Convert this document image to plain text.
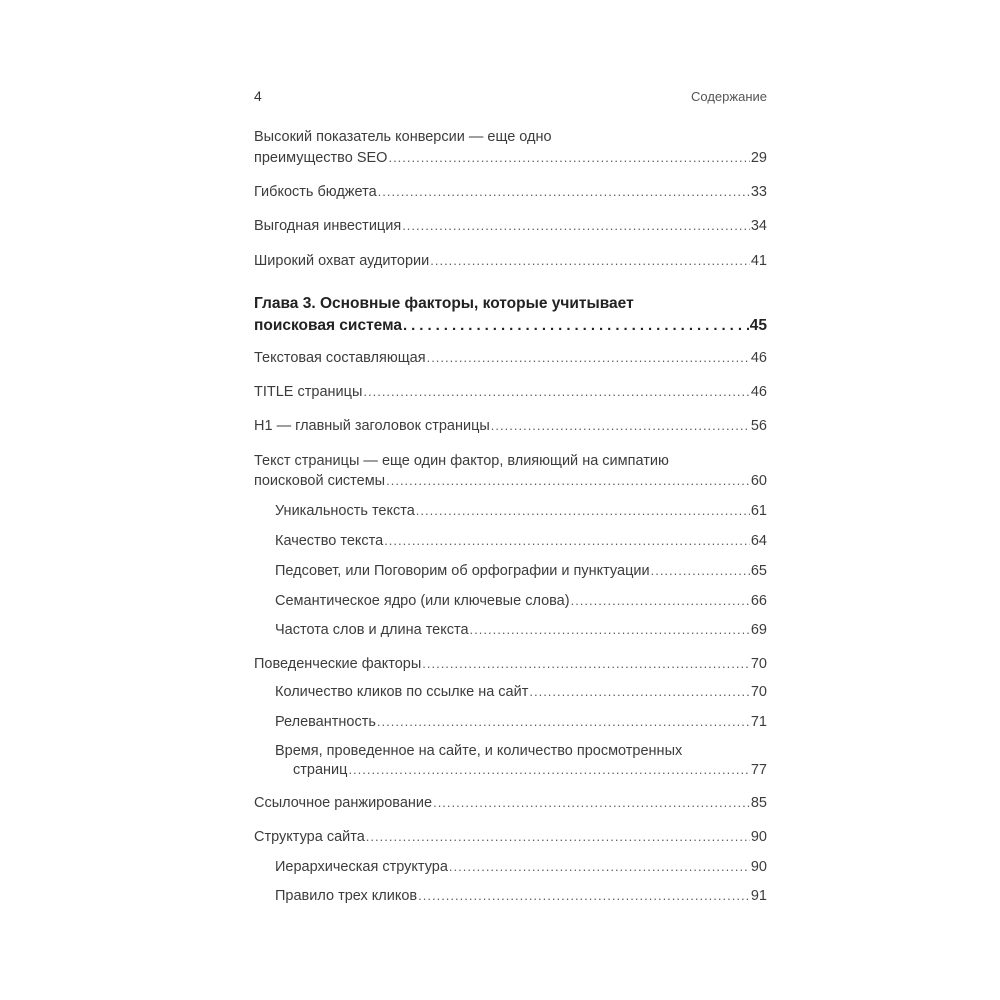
4	Содержание
Высокий показатель конверсии — еще одно
преимущество SEO .....	29
Гибкость бюджета .....	33
Выгодная инвестиция .....	34
Широкий охват аудитории .....	41
Глава 3. Основные факторы, которые учитывает
поисковая система .....	45
Текстовая составляющая .....	46
TITLE страницы .....	46
H1 — главный заголовок страницы .....	56
Текст страницы — еще один фактор, влияющий на симпатию
поисковой системы .....	60
Уникальность текста .....	61
Качество текста .....	64
Педсовет, или Поговорим об орфографии и пунктуации .....	65
Семантическое ядро (или ключевые слова) .....	66
Частота слов и длина текста .....	69
Поведенческие факторы .....	70
Количество кликов по ссылке на сайт .....	70
Релевантность .....	71
Время, проведенное на сайте, и количество просмотренных
страниц .....	77
Ссылочное ранжирование .....	85
Структура сайта .....	90
Иерархическая структура .....	90
Правило трех кликов .....	91
